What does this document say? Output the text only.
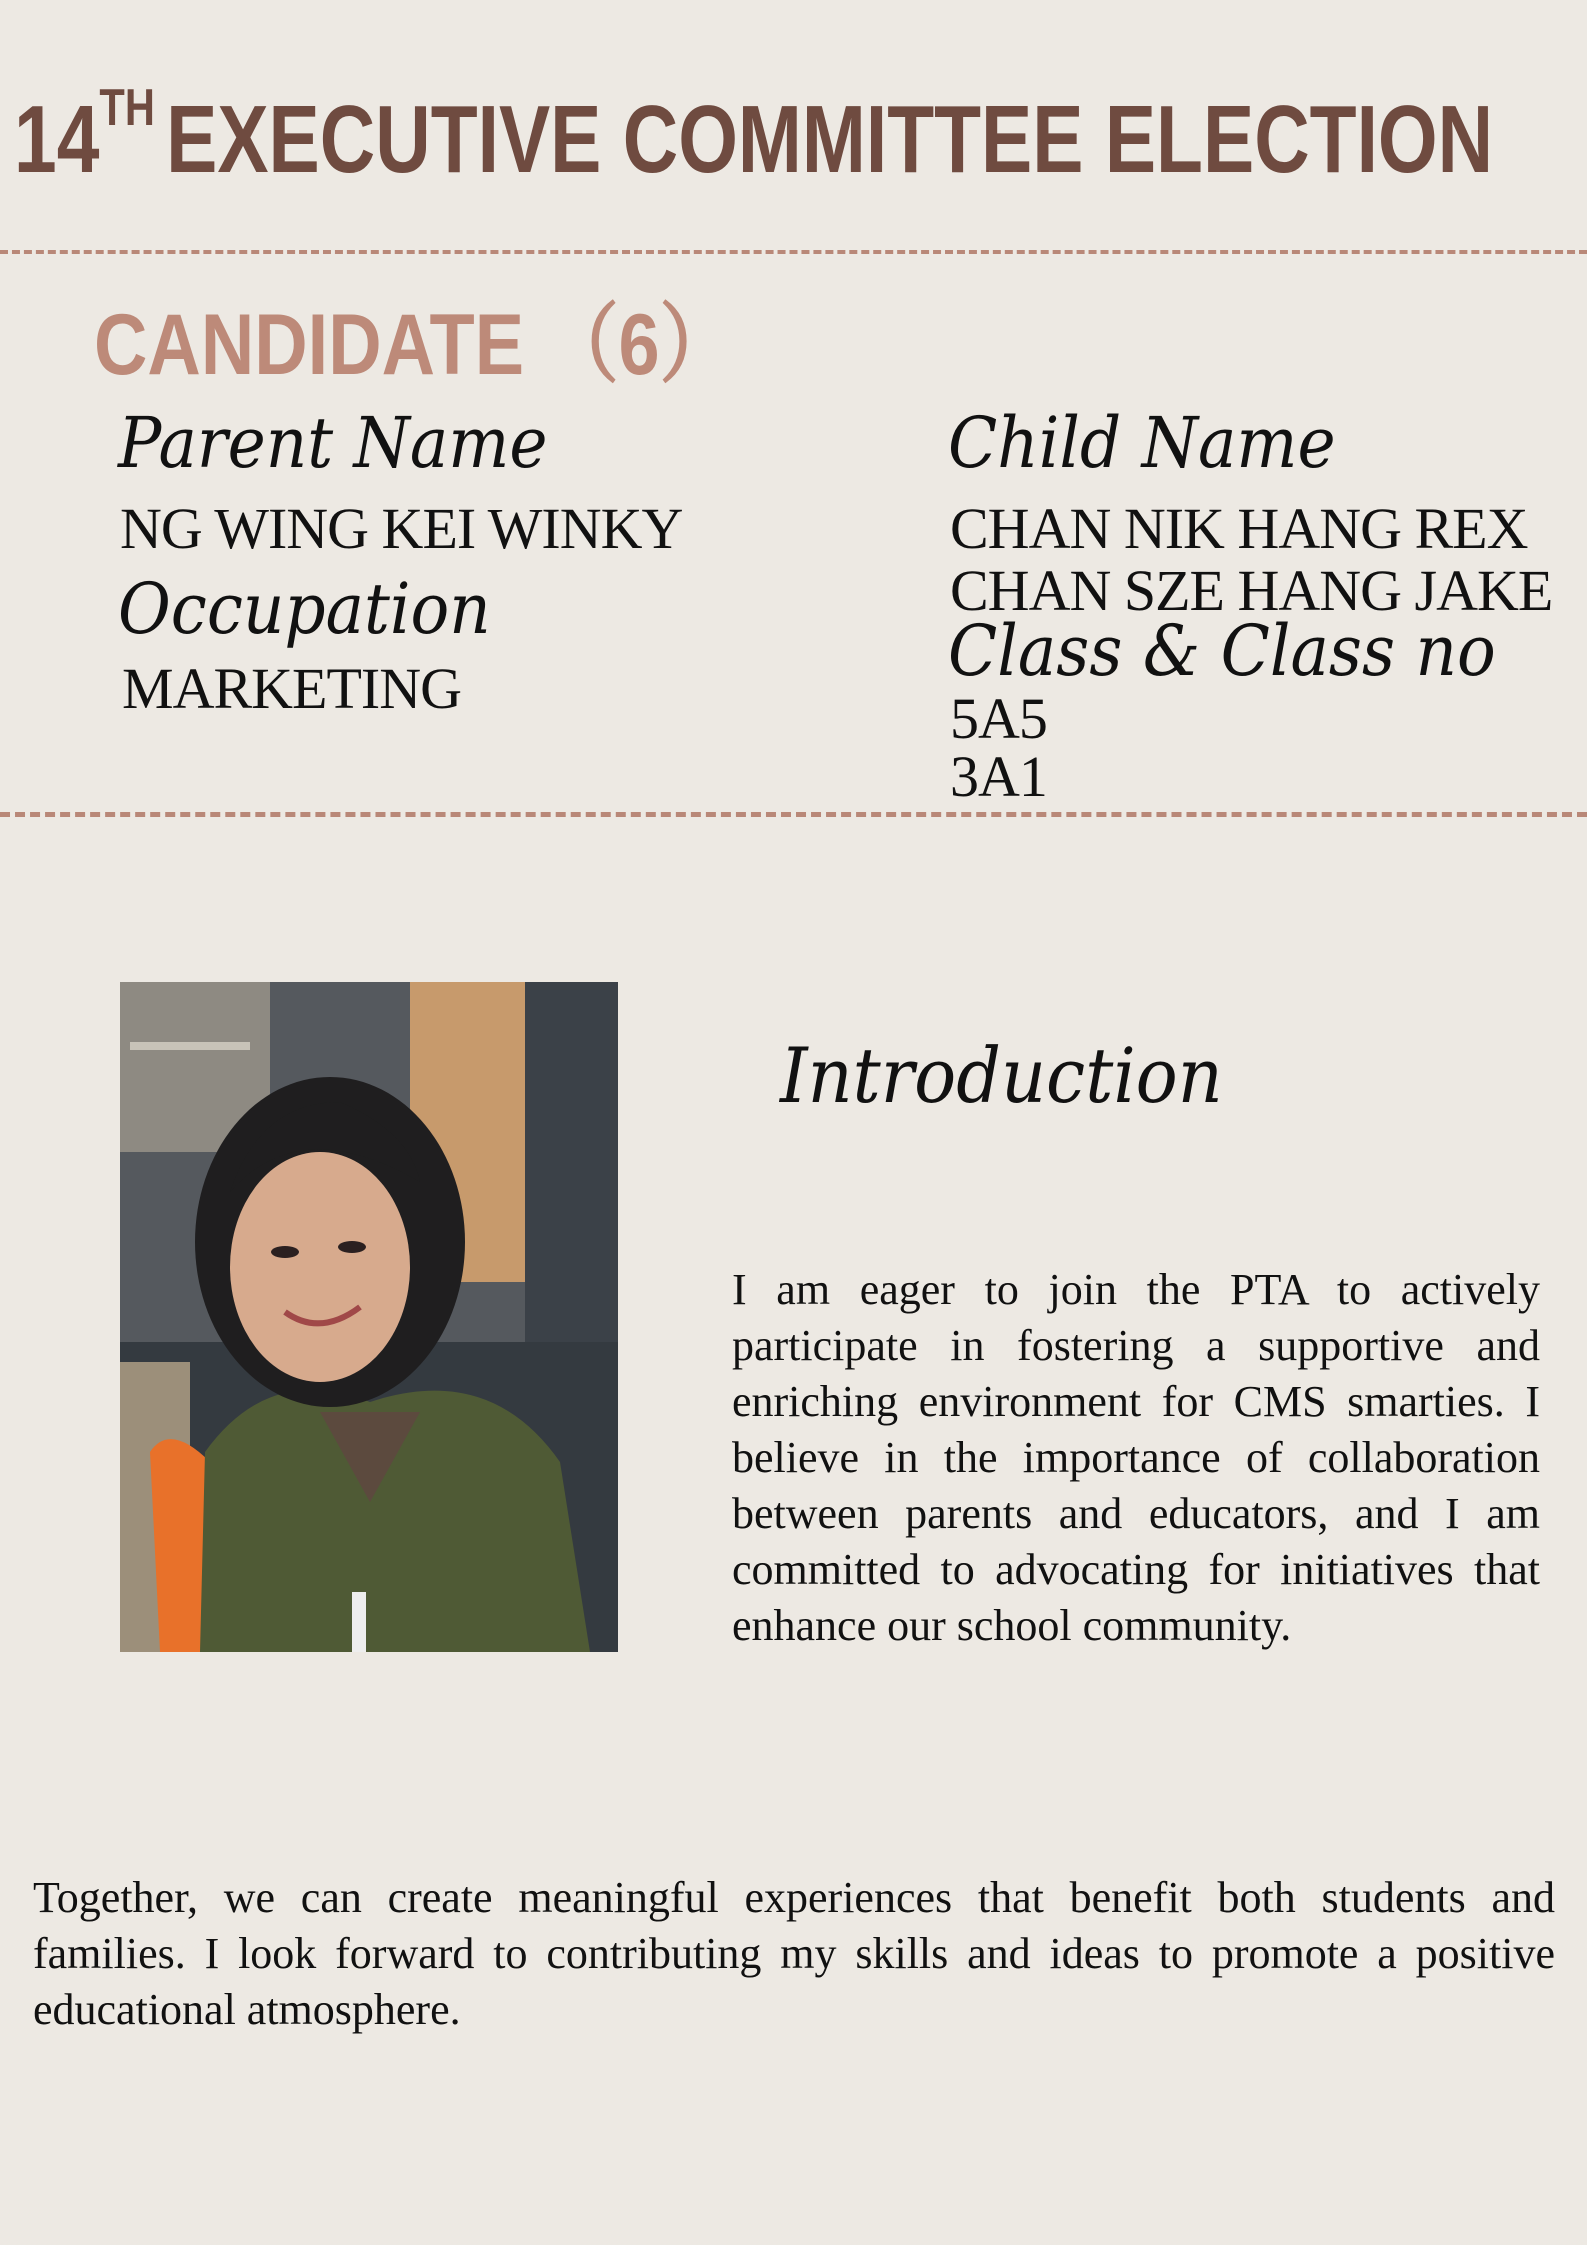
14TH EXECUTIVE COMMITTEE ELECTION
CANDIDATE （6）
Parent Name
NG WING KEI WINKY
Occupation
MARKETING
Child Name
CHAN NIK HANG REX
CHAN SZE HANG JAKE
Class & Class no
5A5
3A1
Introduction
I am eager to join the PTA to actively participate in fostering a supportive and enriching environment for CMS smarties. I believe in the importance of collaboration between parents and educators, and I am committed to advocating for initiatives that enhance our school community.
Together, we can create meaningful experiences that benefit both students and families. I look forward to contributing my skills and ideas to promote a positive educational atmosphere.
